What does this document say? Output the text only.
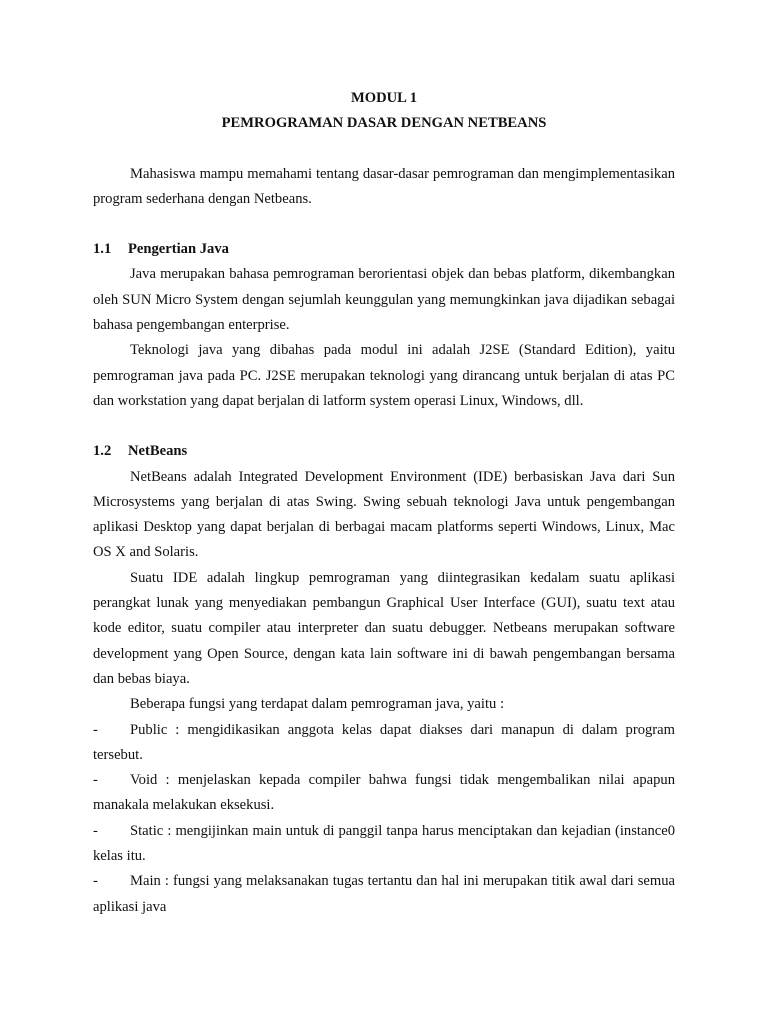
MODUL 1

PEMROGRAMAN DASAR DENGAN NETBEANS

Mahasiswa mampu memahami tentang dasar-dasar pemrograman dan mengimplementasikan program sederhana dengan Netbeans.

1.1 Pengertian Java

Java merupakan bahasa pemrograman berorientasi objek dan bebas platform, dikembangkan oleh SUN Micro System dengan sejumlah keunggulan yang memungkinkan java dijadikan sebagai bahasa pengembangan enterprise.

Teknologi java yang dibahas pada modul ini adalah J2SE (Standard Edition), yaitu pemrograman java pada PC. J2SE merupakan teknologi yang dirancang untuk berjalan di atas PC dan workstation yang dapat berjalan di latform system operasi Linux, Windows, dll.

1.2 NetBeans

NetBeans adalah Integrated Development Environment (IDE) berbasiskan Java dari Sun Microsystems yang berjalan di atas Swing. Swing sebuah teknologi Java untuk pengembangan aplikasi Desktop yang dapat berjalan di berbagai macam platforms seperti Windows, Linux, Mac OS X and Solaris.

Suatu IDE adalah lingkup pemrograman yang diintegrasikan kedalam suatu aplikasi perangkat lunak yang menyediakan pembangun Graphical User Interface (GUI), suatu text atau kode editor, suatu compiler atau interpreter dan suatu debugger. Netbeans merupakan software development yang Open Source, dengan kata lain software ini di bawah pengembangan bersama dan bebas biaya.

Beberapa fungsi yang terdapat dalam pemrograman java, yaitu :

-	Public : mengidikasikan anggota kelas dapat diakses dari manapun di dalam program tersebut.
-	Void : menjelaskan kepada compiler bahwa fungsi tidak mengembalikan nilai apapun manakala melakukan eksekusi.
-	Static : mengijinkan main untuk di panggil tanpa harus menciptakan dan kejadian (instance0 kelas itu.
-	Main : fungsi yang melaksanakan tugas tertantu dan hal ini merupakan titik awal dari semua aplikasi java
